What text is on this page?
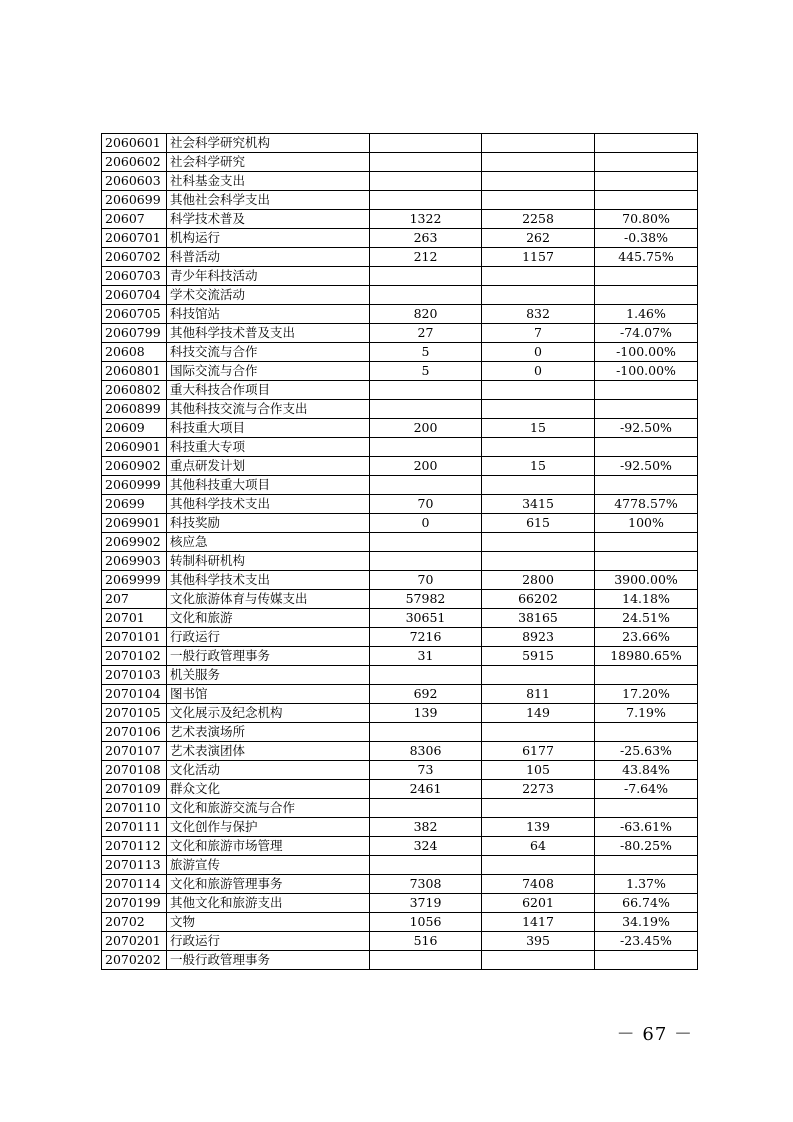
2060601	社会科学研究机构			
2060602	社会科学研究			
2060603	社科基金支出			
2060699	其他社会科学支出			
20607	科学技术普及	1322	2258	70.80%
2060701	机构运行	263	262	-0.38%
2060702	科普活动	212	1157	445.75%
2060703	青少年科技活动			
2060704	学术交流活动			
2060705	科技馆站	820	832	1.46%
2060799	其他科学技术普及支出	27	7	-74.07%
20608	科技交流与合作	5	0	-100.00%
2060801	国际交流与合作	5	0	-100.00%
2060802	重大科技合作项目			
2060899	其他科技交流与合作支出			
20609	科技重大项目	200	15	-92.50%
2060901	科技重大专项			
2060902	重点研发计划	200	15	-92.50%
2060999	其他科技重大项目			
20699	其他科学技术支出	70	3415	4778.57%
2069901	科技奖励	0	615	100%
2069902	核应急			
2069903	转制科研机构			
2069999	其他科学技术支出	70	2800	3900.00%
207	文化旅游体育与传媒支出	57982	66202	14.18%
20701	文化和旅游	30651	38165	24.51%
2070101	行政运行	7216	8923	23.66%
2070102	一般行政管理事务	31	5915	18980.65%
2070103	机关服务			
2070104	图书馆	692	811	17.20%
2070105	文化展示及纪念机构	139	149	7.19%
2070106	艺术表演场所			
2070107	艺术表演团体	8306	6177	-25.63%
2070108	文化活动	73	105	43.84%
2070109	群众文化	2461	2273	-7.64%
2070110	文化和旅游交流与合作			
2070111	文化创作与保护	382	139	-63.61%
2070112	文化和旅游市场管理	324	64	-80.25%
2070113	旅游宣传			
2070114	文化和旅游管理事务	7308	7408	1.37%
2070199	其他文化和旅游支出	3719	6201	66.74%
20702	文物	1056	1417	34.19%
2070201	行政运行	516	395	-23.45%
2070202	一般行政管理事务			
－ 67 －
